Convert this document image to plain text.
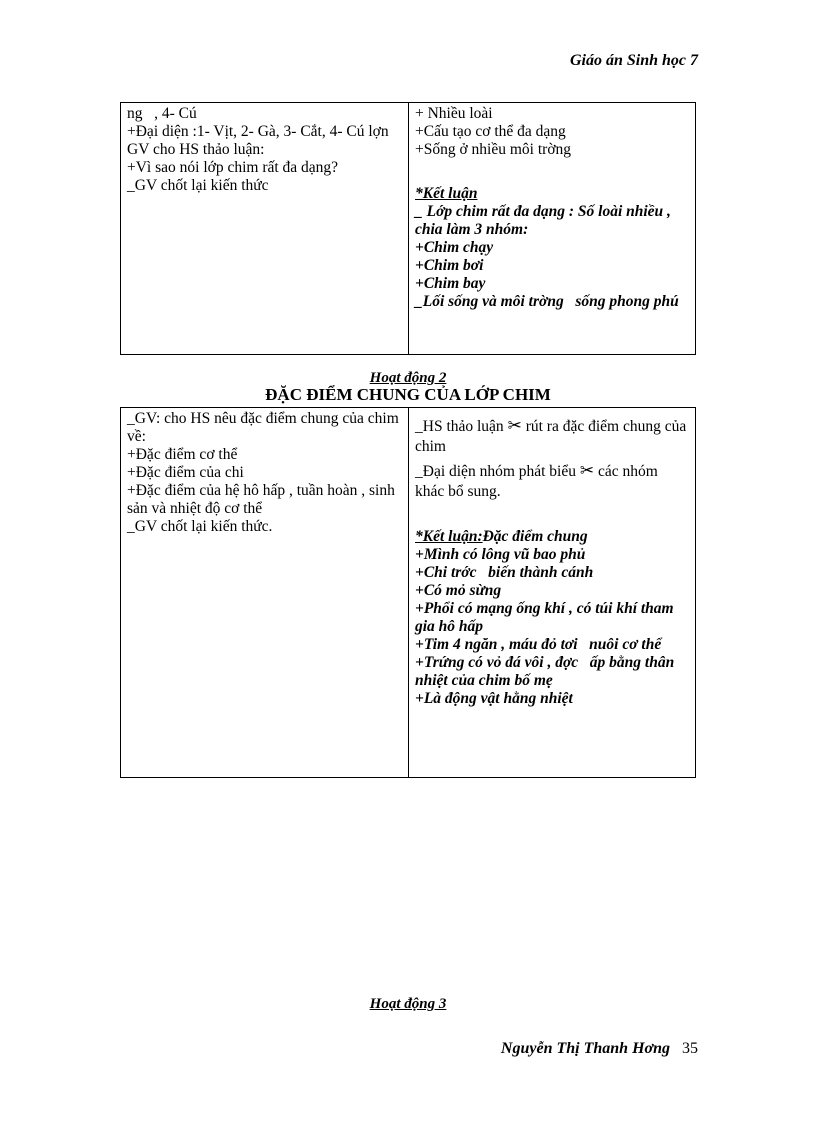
Giáo án Sinh học 7
ng   , 4- Cú
+Đại diện :1- Vịt, 2- Gà, 3- Cắt, 4- Cú lợn
GV cho HS thảo luận:
+Vì sao nói lớp chim rất đa dạng?
_GV chốt lại kiến thức
+ Nhiều loài
+Cấu tạo cơ thể đa dạng
+Sống ở nhiều môi trờng
*Kết luận
_ Lớp chim rất đa dạng : Số loài nhiều , chia làm 3 nhóm:
+Chim chạy
+Chim bơi
+Chim bay
_Lối sống và môi trờng   sống phong phú
Hoạt động 2
ĐẶC ĐIỂM CHUNG CỦA LỚP CHIM
_GV: cho HS nêu đặc điểm chung của chim về:
+Đặc điểm cơ thể
+Đặc điểm của chi
+Đặc điểm của hệ hô hấp , tuần hoàn , sinh sản và nhiệt độ cơ thể
_GV chốt lại kiến thức.
_HS thảo luận ✂ rút ra đặc điểm chung của chim
_Đại diện nhóm phát biểu ✂ các nhóm khác bổ sung.
*Kết luận:Đặc điểm chung
+Mình có lông vũ bao phủ
+Chi trớc   biến thành cánh
+Có mỏ sừng
+Phổi có mạng ống khí , có túi khí tham gia hô hấp
+Tim 4 ngăn , máu đỏ tơi   nuôi cơ thể
+Trứng có vỏ đá vôi , đợc   ấp bằng thân nhiệt của chim bố mẹ
+Là động vật hằng nhiệt
Hoạt động 3
Nguyễn Thị Thanh Hơng 35
